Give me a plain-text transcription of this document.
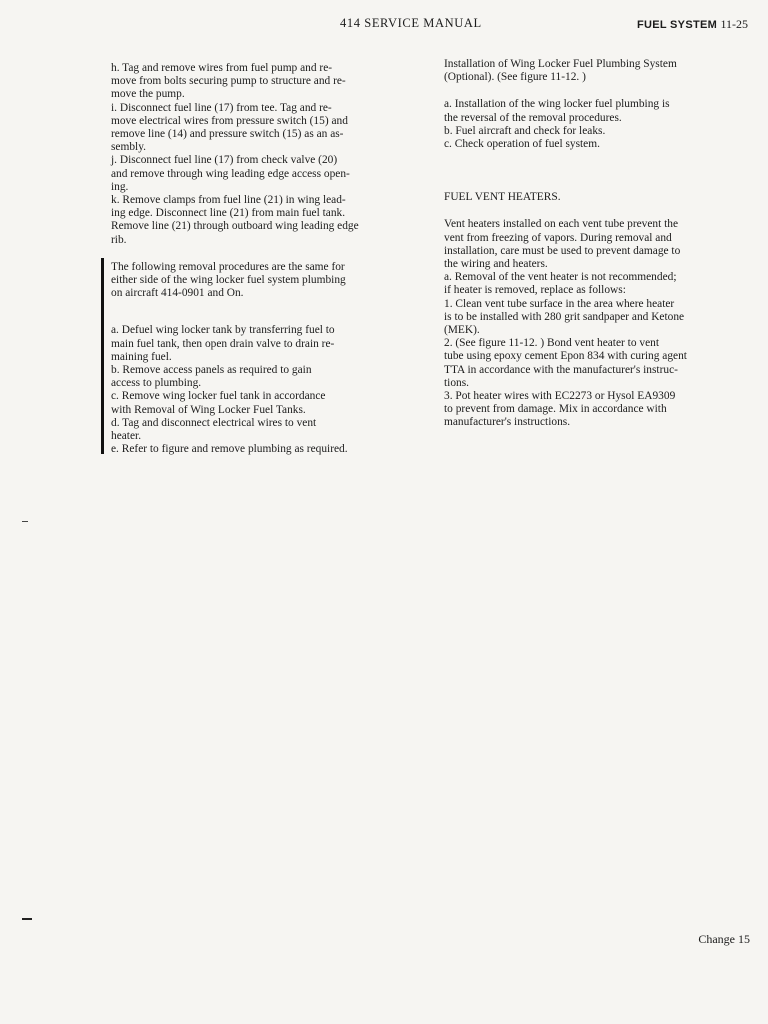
414 SERVICE MANUAL	FUEL SYSTEM 11-25

h. Tag and remove wires from fuel pump and re-

move from bolts securing pump to structure and re-

move the pump.

i. Disconnect fuel line (17) from tee. Tag and re-

move electrical wires from pressure switch (15) and

remove line (14) and pressure switch (15) as an as-

sembly.

j. Disconnect fuel line (17) from check valve (20)

and remove through wing leading edge access open-

ing.

k. Remove clamps from fuel line (21) in wing lead-

ing edge. Disconnect line (21) from main fuel tank.

Remove line (21) through outboard wing leading edge

rib.

The following removal procedures are the same for

either side of the wing locker fuel system plumbing

on aircraft 414-0901 and On.

a. Defuel wing locker tank by transferring fuel to

main fuel tank, then open drain valve to drain re-

maining fuel.

b. Remove access panels as required to gain

access to plumbing.

c. Remove wing locker fuel tank in accordance

with Removal of Wing Locker Fuel Tanks.

d. Tag and disconnect electrical wires to vent

heater.

e. Refer to figure and remove plumbing as required.

Installation of Wing Locker Fuel Plumbing System

(Optional). (See figure 11-12. )

a. Installation of the wing locker fuel plumbing is

the reversal of the removal procedures.

b. Fuel aircraft and check for leaks.

c. Check operation of fuel system.

FUEL VENT HEATERS.

Vent heaters installed on each vent tube prevent the

vent from freezing of vapors. During removal and

installation, care must be used to prevent damage to

the wiring and heaters.

a. Removal of the vent heater is not recommended;

if heater is removed, replace as follows:

1. Clean vent tube surface in the area where heater

is to be installed with 280 grit sandpaper and Ketone

(MEK).

2. (See figure 11-12. ) Bond vent heater to vent

tube using epoxy cement Epon 834 with curing agent

TTA in accordance with the manufacturer's instruc-

tions.

3. Pot heater wires with EC2273 or Hysol EA9309

to prevent from damage. Mix in accordance with

manufacturer's instructions.

Change 15
